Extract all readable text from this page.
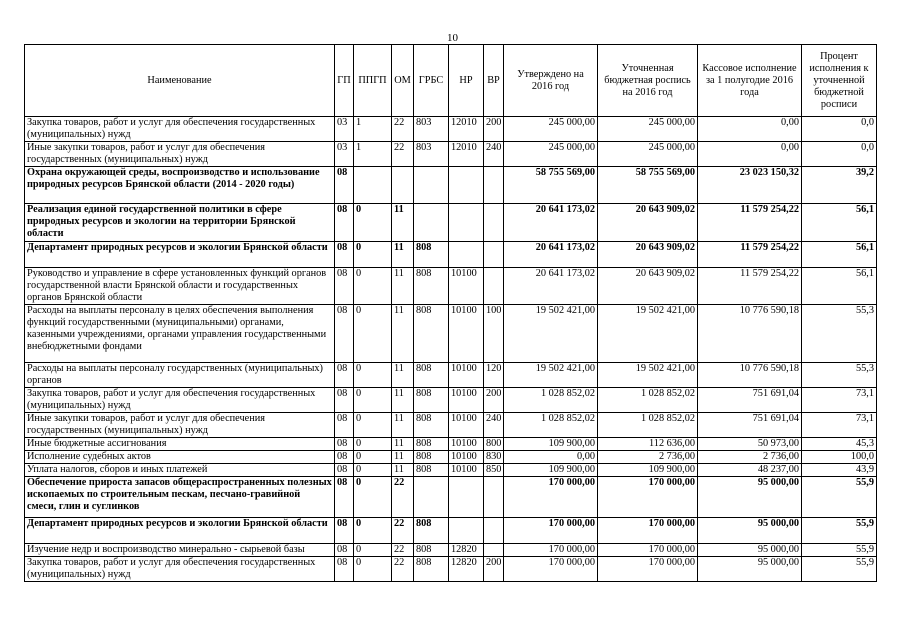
10
Наименование	ГП	ППГП	ОМ	ГРБС	НР	ВР	Утверждено на 2016 год	Уточненная бюджетная роспись на 2016 год	Кассовое исполнение за 1 полугодие 2016 года	Процент исполнения к уточненной бюджетной росписи
Закупка товаров, работ и услуг для обеспечения государственных (муниципальных) нужд	03	1	22	803	12010	200	245 000,00	245 000,00	0,00	0,0
Иные закупки товаров, работ и услуг для обеспечения государственных (муниципальных) нужд	03	1	22	803	12010	240	245 000,00	245 000,00	0,00	0,0
Охрана окружающей среды, воспроизводство и использование природных ресурсов Брянской области (2014 - 2020 годы)	08						58 755 569,00	58 755 569,00	23 023 150,32	39,2
Реализация единой государственной политики в сфере природных ресурсов и экологии на территории Брянской области	08	0	11				20 641 173,02	20 643 909,02	11 579 254,22	56,1
Департамент природных ресурсов и экологии Брянской области	08	0	11	808			20 641 173,02	20 643 909,02	11 579 254,22	56,1
Руководство и управление в сфере установленных функций органов государственной власти Брянской области и государственных органов Брянской области	08	0	11	808	10100		20 641 173,02	20 643 909,02	11 579 254,22	56,1
Расходы на выплаты персоналу в целях обеспечения выполнения функций государственными (муниципальными) органами, казенными учреждениями, органами управления государственными внебюджетными фондами	08	0	11	808	10100	100	19 502 421,00	19 502 421,00	10 776 590,18	55,3
Расходы на выплаты персоналу государственных (муниципальных) органов	08	0	11	808	10100	120	19 502 421,00	19 502 421,00	10 776 590,18	55,3
Закупка товаров, работ и услуг для обеспечения государственных (муниципальных) нужд	08	0	11	808	10100	200	1 028 852,02	1 028 852,02	751 691,04	73,1
Иные закупки товаров, работ и услуг для обеспечения государственных (муниципальных) нужд	08	0	11	808	10100	240	1 028 852,02	1 028 852,02	751 691,04	73,1
Иные бюджетные ассигнования	08	0	11	808	10100	800	109 900,00	112 636,00	50 973,00	45,3
Исполнение судебных актов	08	0	11	808	10100	830	0,00	2 736,00	2 736,00	100,0
Уплата налогов, сборов и иных платежей	08	0	11	808	10100	850	109 900,00	109 900,00	48 237,00	43,9
Обеспечение прироста запасов общераспространенных полезных ископаемых по строительным пескам, песчано-гравийной смеси, глин и суглинков	08	0	22				170 000,00	170 000,00	95 000,00	55,9
Департамент природных ресурсов и экологии Брянской области	08	0	22	808			170 000,00	170 000,00	95 000,00	55,9
Изучение недр и воспроизводство минерально - сырьевой базы	08	0	22	808	12820		170 000,00	170 000,00	95 000,00	55,9
Закупка товаров, работ и услуг для обеспечения государственных (муниципальных) нужд	08	0	22	808	12820	200	170 000,00	170 000,00	95 000,00	55,9
